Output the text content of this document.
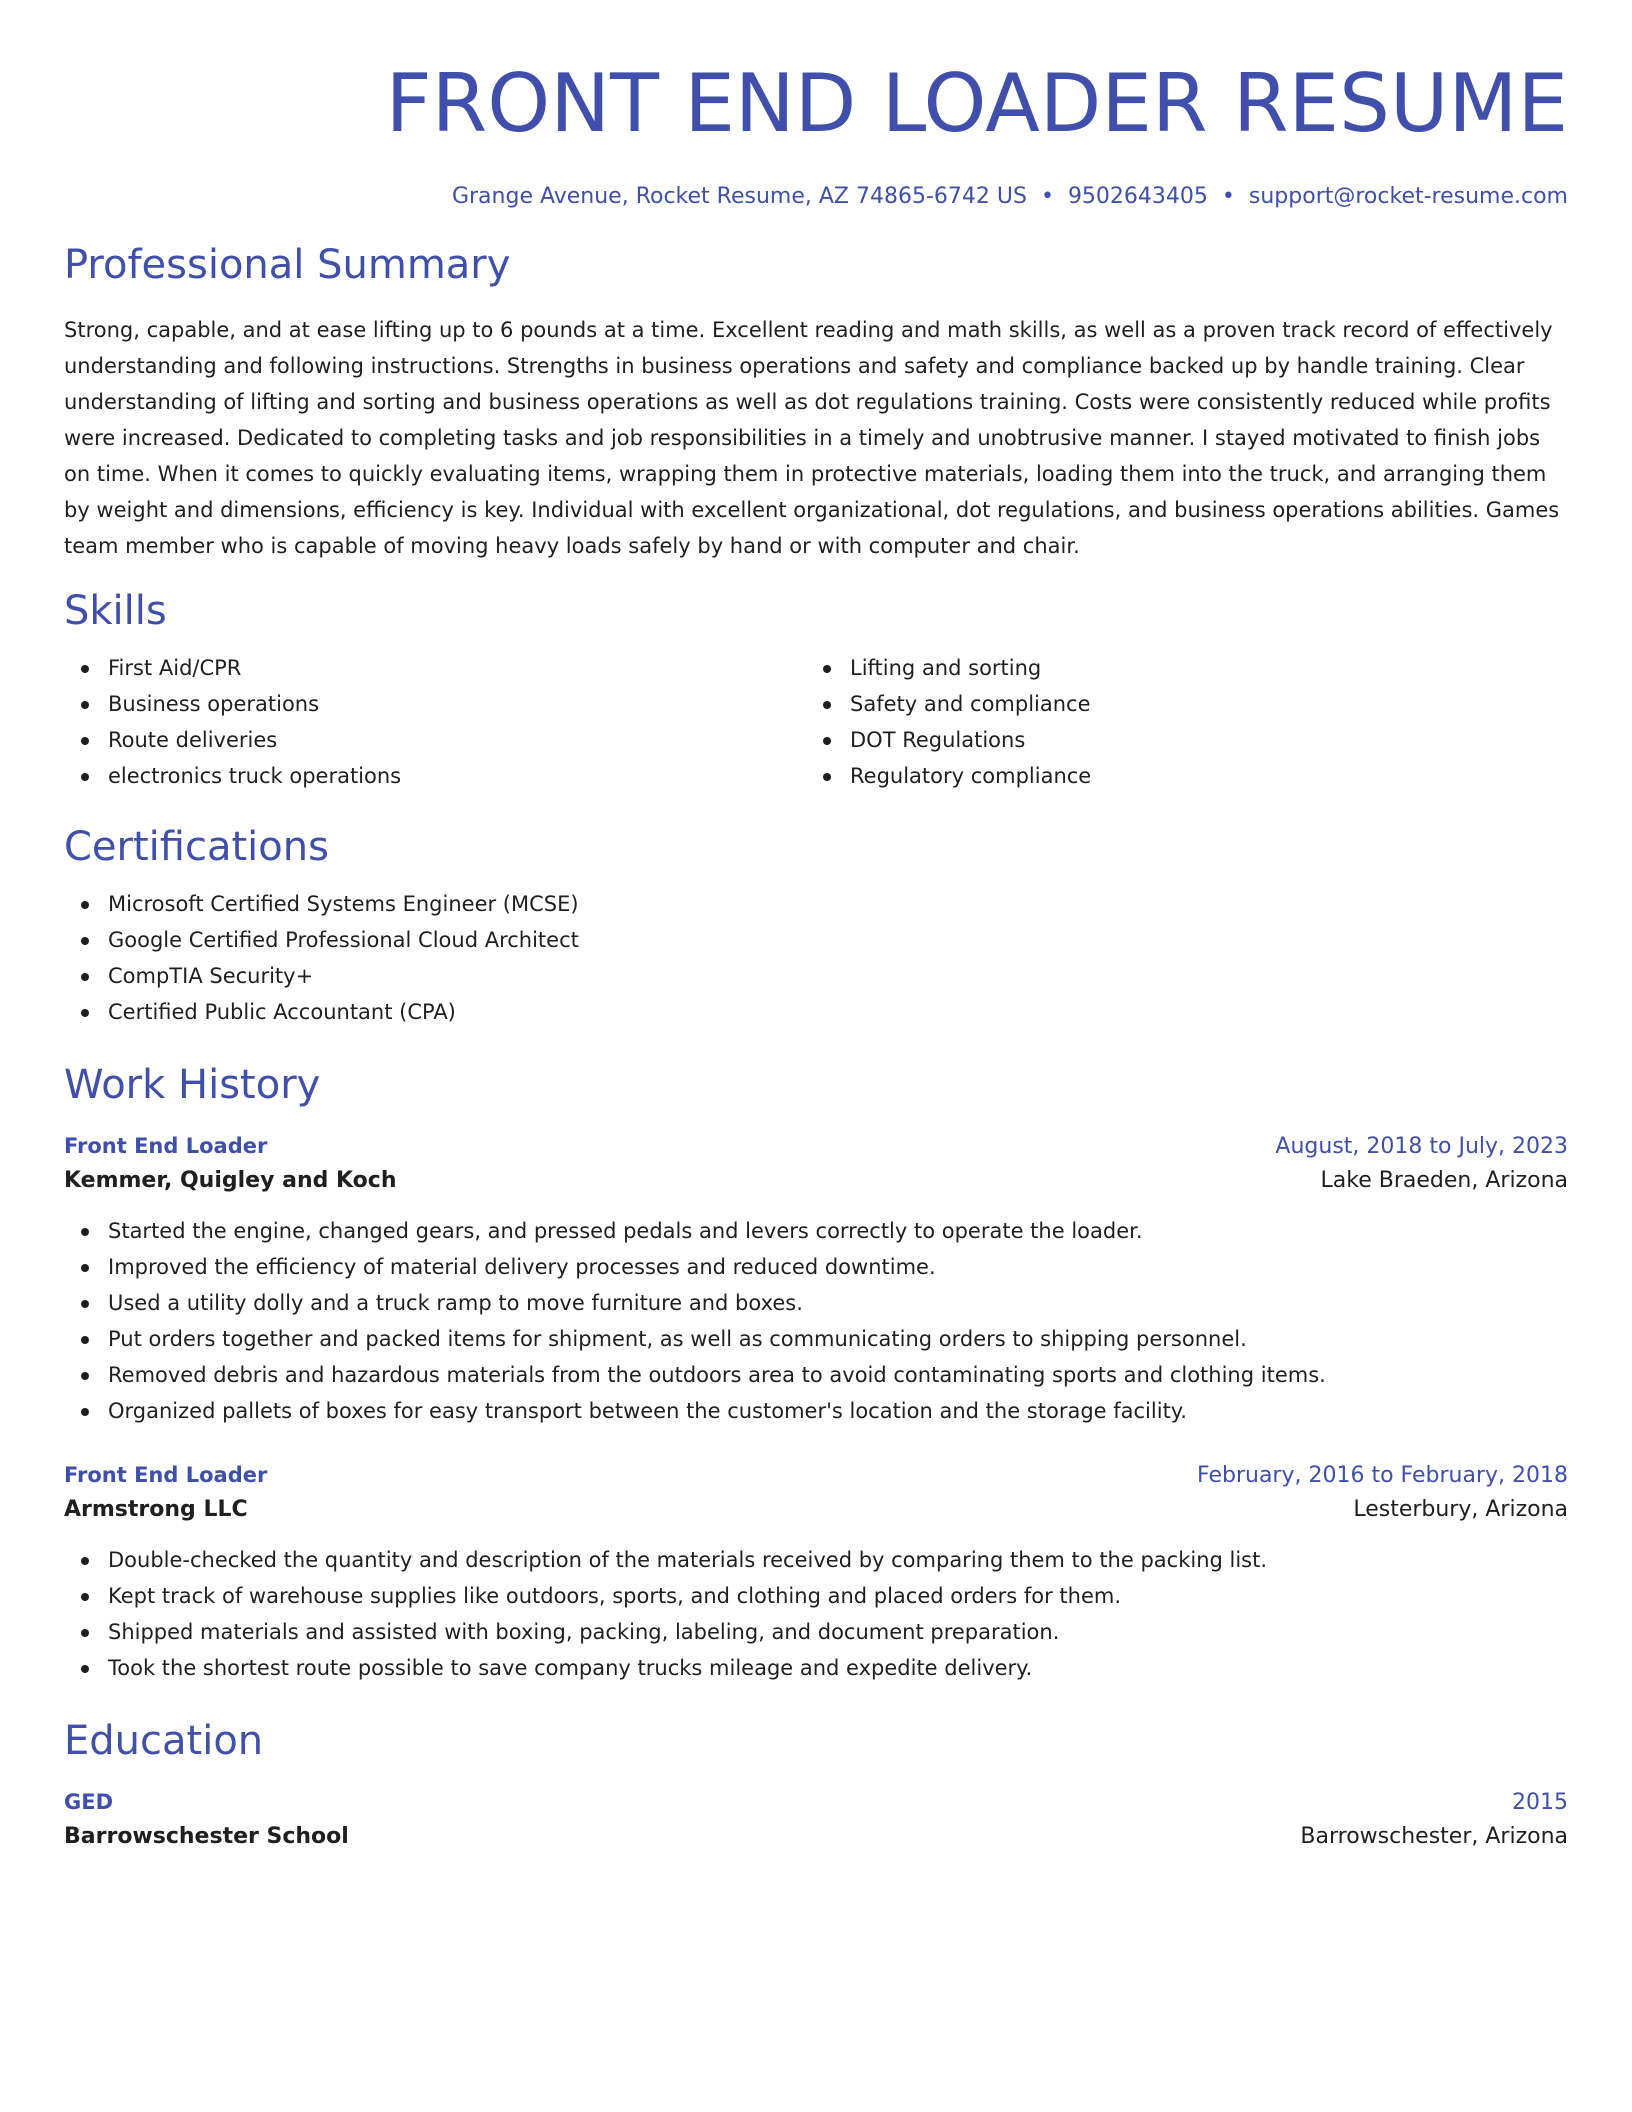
FRONT END LOADER RESUME
Grange Avenue, Rocket Resume, AZ 74865-6742 US • 9502643405 • support@rocket-resume.com
Professional Summary
Strong, capable, and at ease lifting up to 6 pounds at a time. Excellent reading and math skills, as well as a proven track record of effectively understanding and following instructions. Strengths in business operations and safety and compliance backed up by handle training. Clear understanding of lifting and sorting and business operations as well as dot regulations training. Costs were consistently reduced while profits were increased. Dedicated to completing tasks and job responsibilities in a timely and unobtrusive manner. I stayed motivated to finish jobs on time. When it comes to quickly evaluating items, wrapping them in protective materials, loading them into the truck, and arranging them by weight and dimensions, efficiency is key. Individual with excellent organizational, dot regulations, and business operations abilities. Games team member who is capable of moving heavy loads safely by hand or with computer and chair.
Skills
First Aid/CPR
Business operations
Route deliveries
electronics truck operations
Lifting and sorting
Safety and compliance
DOT Regulations
Regulatory compliance
Certifications
Microsoft Certified Systems Engineer (MCSE)
Google Certified Professional Cloud Architect
CompTIA Security+
Certified Public Accountant (CPA)
Work History
Front End Loader	August, 2018 to July, 2023
Kemmer, Quigley and Koch	Lake Braeden, Arizona
Started the engine, changed gears, and pressed pedals and levers correctly to operate the loader.
Improved the efficiency of material delivery processes and reduced downtime.
Used a utility dolly and a truck ramp to move furniture and boxes.
Put orders together and packed items for shipment, as well as communicating orders to shipping personnel.
Removed debris and hazardous materials from the outdoors area to avoid contaminating sports and clothing items.
Organized pallets of boxes for easy transport between the customer's location and the storage facility.
Front End Loader	February, 2016 to February, 2018
Armstrong LLC	Lesterbury, Arizona
Double-checked the quantity and description of the materials received by comparing them to the packing list.
Kept track of warehouse supplies like outdoors, sports, and clothing and placed orders for them.
Shipped materials and assisted with boxing, packing, labeling, and document preparation.
Took the shortest route possible to save company trucks mileage and expedite delivery.
Education
GED	2015
Barrowschester School	Barrowschester, Arizona
